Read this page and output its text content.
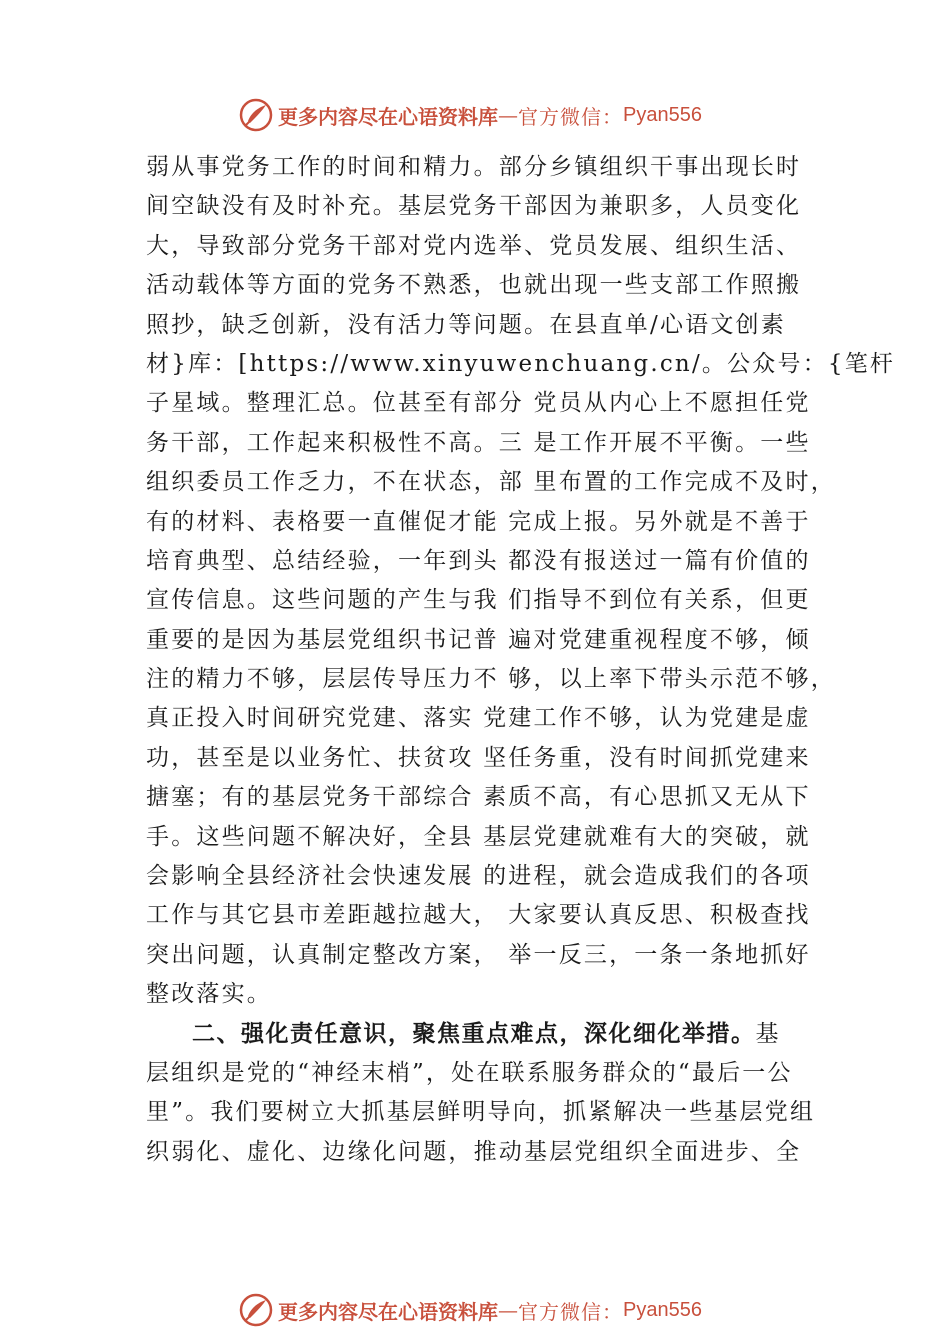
更多内容尽在心语资料库 — 官方微信： Pyan556
弱从事党务工作的时间和精力。部分乡镇组织干事出现长时
间空缺没有及时补充。基层党务干部因为兼职多，人员变化
大，导致部分党务干部对党内选举、党员发展、组织生活、
活动载体等方面的党务不熟悉，也就出现一些支部工作照搬
照抄，缺乏创新，没有活力等问题。在县直单/心语文创素
材}库：[https://www.xinyuwenchuang.cn/。公众号：{笔杆
子星域。整理汇总。位甚至有部分 党员从内心上不愿担任党
务干部，工作起来积极性不高。三 是工作开展不平衡。一些
组织委员工作乏力，不在状态，部 里布置的工作完成不及时，
有的材料、表格要一直催促才能 完成上报。另外就是不善于
培育典型、总结经验，一年到头 都没有报送过一篇有价值的
宣传信息。这些问题的产生与我 们指导不到位有关系，但更
重要的是因为基层党组织书记普 遍对党建重视程度不够，倾
注的精力不够，层层传导压力不 够，以上率下带头示范不够，
真正投入时间研究党建、落实 党建工作不够，认为党建是虚
功，甚至是以业务忙、扶贫攻 坚任务重，没有时间抓党建来
搪塞；有的基层党务干部综合 素质不高，有心思抓又无从下
手。这些问题不解决好，全县 基层党建就难有大的突破，就
会影响全县经济社会快速发展 的进程，就会造成我们的各项
工作与其它县市差距越拉越大， 大家要认真反思、积极查找
突出问题，认真制定整改方案， 举一反三，一条一条地抓好
整改落实。
二、强化责任意识，聚焦重点难点，深化细化举措。基
层组织是党的“神经末梢”，处在联系服务群众的“最后一公
里”。我们要树立大抓基层鲜明导向，抓紧解决一些基层党组
织弱化、虚化、边缘化问题，推动基层党组织全面进步、全
更多内容尽在心语资料库 — 官方微信： Pyan556
